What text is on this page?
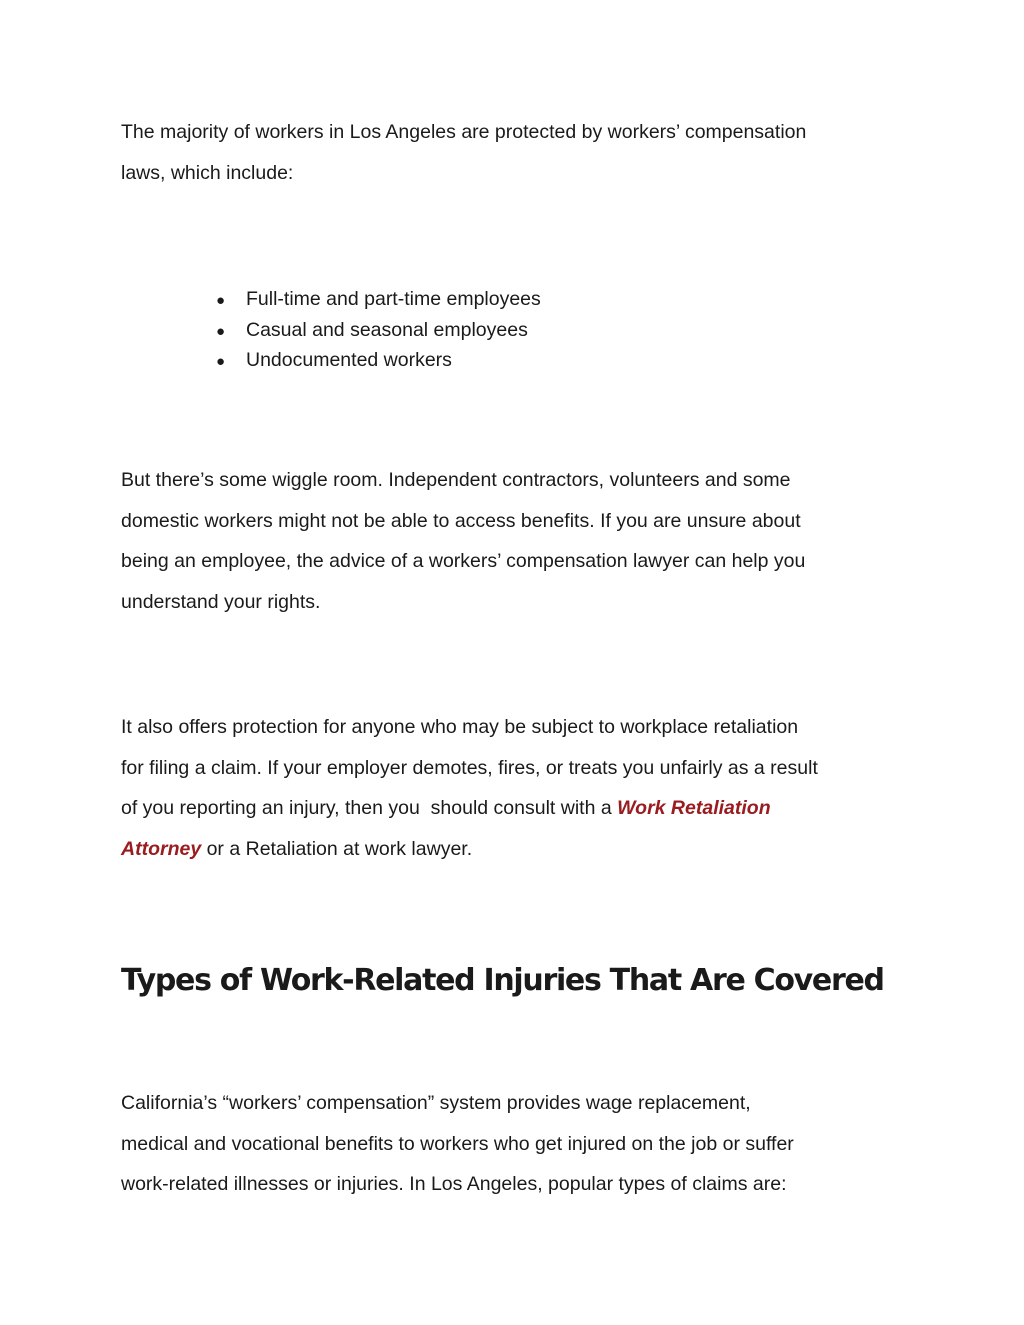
The majority of workers in Los Angeles are protected by workers’ compensation
laws, which include:

●	Full-time and part-time employees
●	Casual and seasonal employees
●	Undocumented workers

But there’s some wiggle room. Independent contractors, volunteers and some
domestic workers might not be able to access benefits. If you are unsure about
being an employee, the advice of a workers’ compensation lawyer can help you
understand your rights.

It also offers protection for anyone who may be subject to workplace retaliation
for filing a claim. If your employer demotes, fires, or treats you unfairly as a result
of you reporting an injury, then you  should consult with a Work Retaliation
Attorney or a Retaliation at work lawyer.

Types of Work-Related Injuries That Are Covered

California’s “workers’ compensation” system provides wage replacement,
medical and vocational benefits to workers who get injured on the job or suffer
work-related illnesses or injuries. In Los Angeles, popular types of claims are:
